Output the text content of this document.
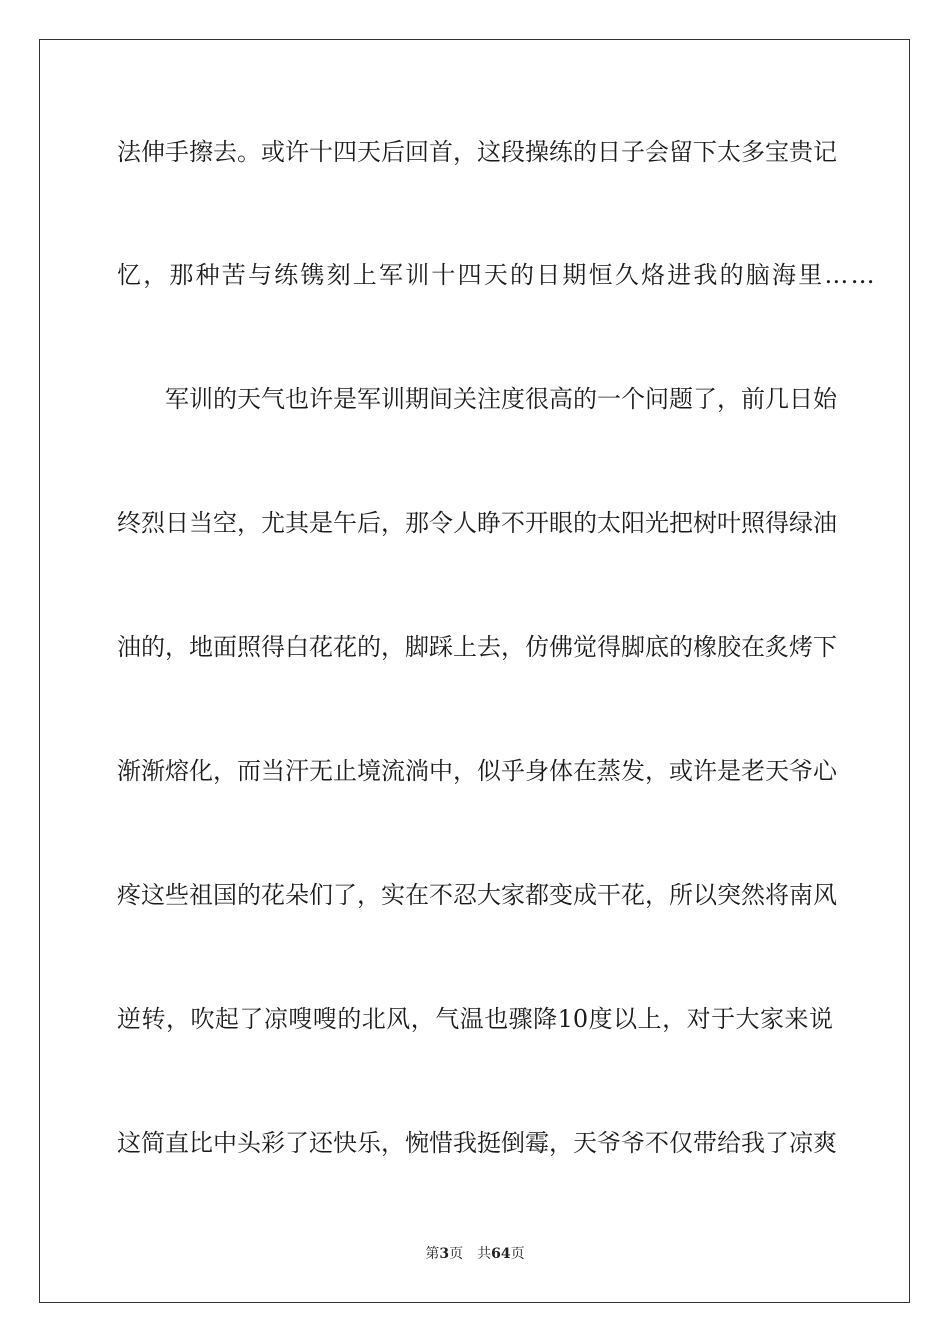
法伸手擦去。或许十四天后回首，这段操练的日子会留下太多宝贵记
忆，那种苦与练镌刻上军训十四天的日期恒久烙进我的脑海里……
军训的天气也许是军训期间关注度很高的一个问题了，前几日始
终烈日当空，尤其是午后，那令人睁不开眼的太阳光把树叶照得绿油
油的，地面照得白花花的，脚踩上去，仿佛觉得脚底的橡胶在炙烤下
渐渐熔化，而当汗无止境流淌中，似乎身体在蒸发，或许是老天爷心
疼这些祖国的花朵们了，实在不忍大家都变成干花，所以突然将南风
逆转，吹起了凉嗖嗖的北风，气温也骤降10度以上，对于大家来说
这简直比中头彩了还快乐，惋惜我挺倒霉，天爷爷不仅带给我了凉爽
第3页 共64页
